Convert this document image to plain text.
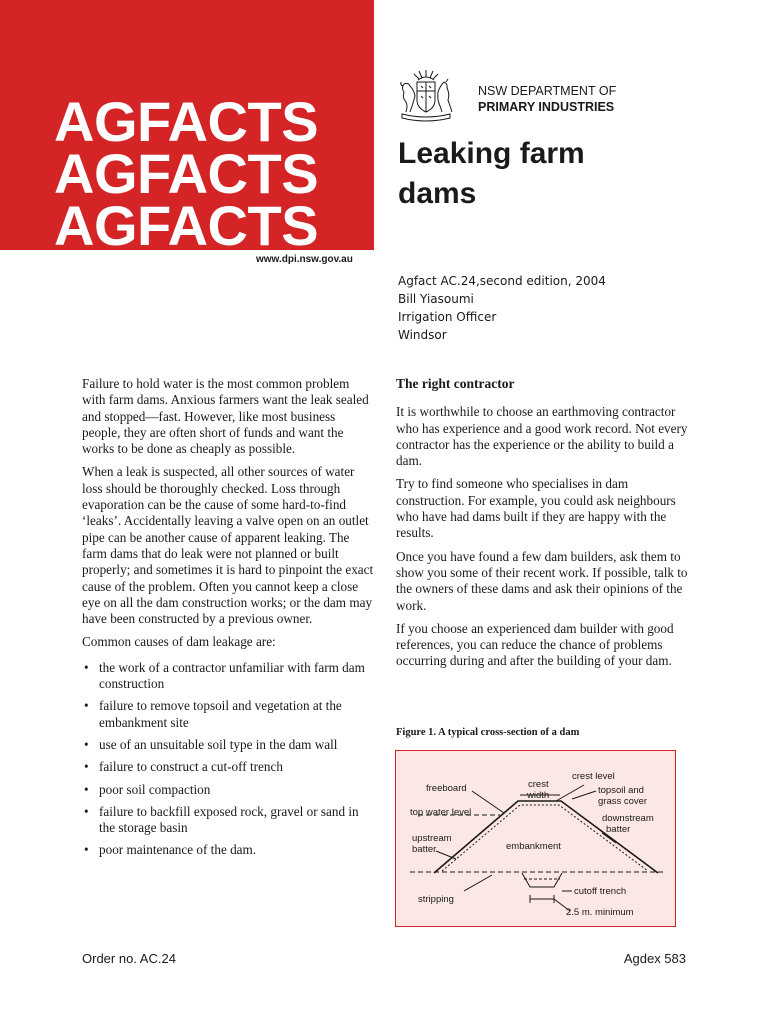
AGFACTS
AGFACTS
AGFACTS
www.dpi.nsw.gov.au
NSW DEPARTMENT OF
PRIMARY INDUSTRIES
Leaking farm
dams
Agfact AC.24,second edition, 2004
Bill Yiasoumi
Irrigation Officer
Windsor

Failure to hold water is the most common problem with farm dams. Anxious farmers want the leak sealed and stopped—fast. However, like most business people, they are often short of funds and want the works to be done as cheaply as possible.

When a leak is suspected, all other sources of water loss should be thoroughly checked. Loss through evaporation can be the cause of some hard-to-find ‘leaks’. Accidentally leaving a valve open on an outlet pipe can be another cause of apparent leaking. The farm dams that do leak were not planned or built properly; and sometimes it is hard to pinpoint the exact cause of the problem. Often you cannot keep a close eye on all the dam construction works; or the dam may have been constructed by a previous owner.

Common causes of dam leakage are:

• the work of a contractor unfamiliar with farm dam construction
• failure to remove topsoil and vegetation at the embankment site
• use of an unsuitable soil type in the dam wall
• failure to construct a cut-off trench
• poor soil compaction
• failure to backfill exposed rock, gravel or sand in the storage basin
• poor maintenance of the dam.

The right contractor

It is worthwhile to choose an earthmoving contractor who has experience and a good work record. Not every contractor has the experience or the ability to build a dam.

Try to find someone who specialises in dam construction. For example, you could ask neighbours who have had dams built if they are happy with the results.

Once you have found a few dam builders, ask them to show you some of their recent work. If possible, talk to the owners of these dams and ask their opinions of the work.

If you choose an experienced dam builder with good references, you can reduce the chance of problems occurring during and after the building of your dam.

Figure 1. A typical cross-section of a dam
crest level
freeboard	crest
width	topsoil and
grass cover
top water level
downstream
batter
upstream
batter	embankment
stripping
cutoff trench
2.5 m. minimum
Order no. AC.24	Agdex 583
